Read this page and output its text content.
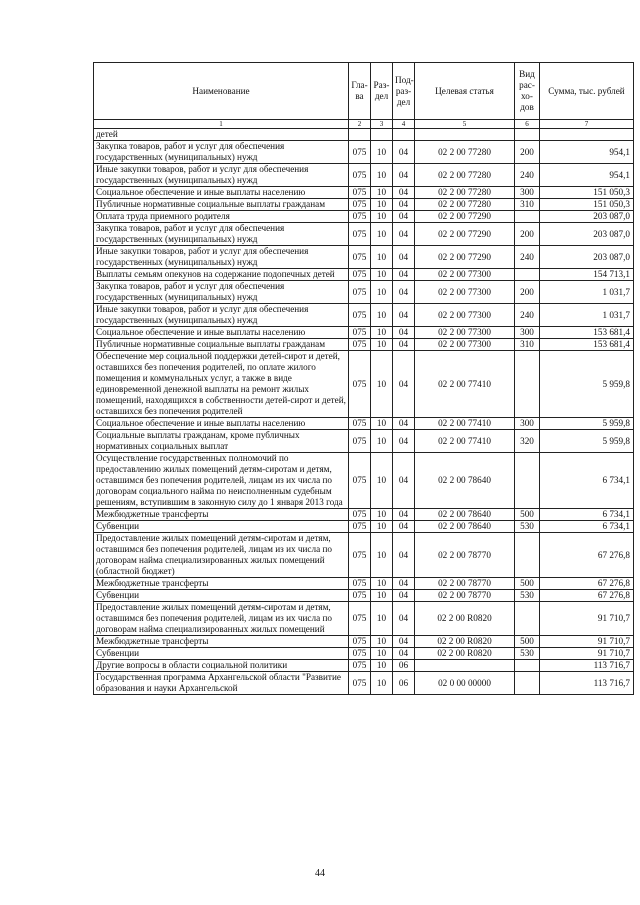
Наименование	Гла-ва	Раз-дел	Под-раз-дел	Целевая статья	Вид рас-хо-дов	Сумма, тыс. рублей
1	2	3	4	5	6	7
детей						
Закупка товаров, работ и услуг для обеспечения государственных (муниципальных) нужд	075	10	04	02 2 00 77280	200	954,1
Иные закупки товаров, работ и услуг для обеспечения государственных (муниципальных) нужд	075	10	04	02 2 00 77280	240	954,1
Социальное обеспечение и иные выплаты населению	075	10	04	02 2 00 77280	300	151 050,3
Публичные нормативные социальные выплаты гражданам	075	10	04	02 2 00 77280	310	151 050,3
Оплата труда приемного родителя	075	10	04	02 2 00 77290		203 087,0
Закупка товаров, работ и услуг для обеспечения государственных (муниципальных) нужд	075	10	04	02 2 00 77290	200	203 087,0
Иные закупки товаров, работ и услуг для обеспечения государственных (муниципальных) нужд	075	10	04	02 2 00 77290	240	203 087,0
Выплаты семьям опекунов на содержание подопечных детей	075	10	04	02 2 00 77300		154 713,1
Закупка товаров, работ и услуг для обеспечения государственных (муниципальных) нужд	075	10	04	02 2 00 77300	200	1 031,7
Иные закупки товаров, работ и услуг для обеспечения государственных (муниципальных) нужд	075	10	04	02 2 00 77300	240	1 031,7
Социальное обеспечение и иные выплаты населению	075	10	04	02 2 00 77300	300	153 681,4
Публичные нормативные социальные выплаты гражданам	075	10	04	02 2 00 77300	310	153 681,4
Обеспечение мер социальной поддержки детей-сирот и детей, оставшихся без попечения родителей, по оплате жилого помещения и коммунальных услуг, а также в виде единовременной денежной выплаты на ремонт жилых помещений, находящихся в собственности детей-сирот и детей, оставшихся без попечения родителей	075	10	04	02 2 00 77410		5 959,8
Социальное обеспечение и иные выплаты населению	075	10	04	02 2 00 77410	300	5 959,8
Социальные выплаты гражданам, кроме публичных нормативных социальных выплат	075	10	04	02 2 00 77410	320	5 959,8
Осуществление государственных полномочий по предоставлению жилых помещений детям-сиротам и детям, оставшимся без попечения родителей, лицам из их числа по договорам социального найма по неисполненным судебным решениям, вступившим в законную силу до 1 января 2013 года	075	10	04	02 2 00 78640		6 734,1
Межбюджетные трансферты	075	10	04	02 2 00 78640	500	6 734,1
Субвенции	075	10	04	02 2 00 78640	530	6 734,1
Предоставление жилых помещений детям-сиротам и детям, оставшимся без попечения родителей, лицам из их числа по договорам найма специализированных жилых помещений (областной бюджет)	075	10	04	02 2 00 78770		67 276,8
Межбюджетные трансферты	075	10	04	02 2 00 78770	500	67 276,8
Субвенции	075	10	04	02 2 00 78770	530	67 276,8
Предоставление жилых помещений детям-сиротам и детям, оставшимся без попечения родителей, лицам из их числа по договорам найма специализированных жилых помещений	075	10	04	02 2 00 R0820		91 710,7
Межбюджетные трансферты	075	10	04	02 2 00 R0820	500	91 710,7
Субвенции	075	10	04	02 2 00 R0820	530	91 710,7
Другие вопросы в области социальной политики	075	10	06			113 716,7
Государственная программа Архангельской области "Развитие образования и науки Архангельской	075	10	06	02 0 00 00000		113 716,7
44
